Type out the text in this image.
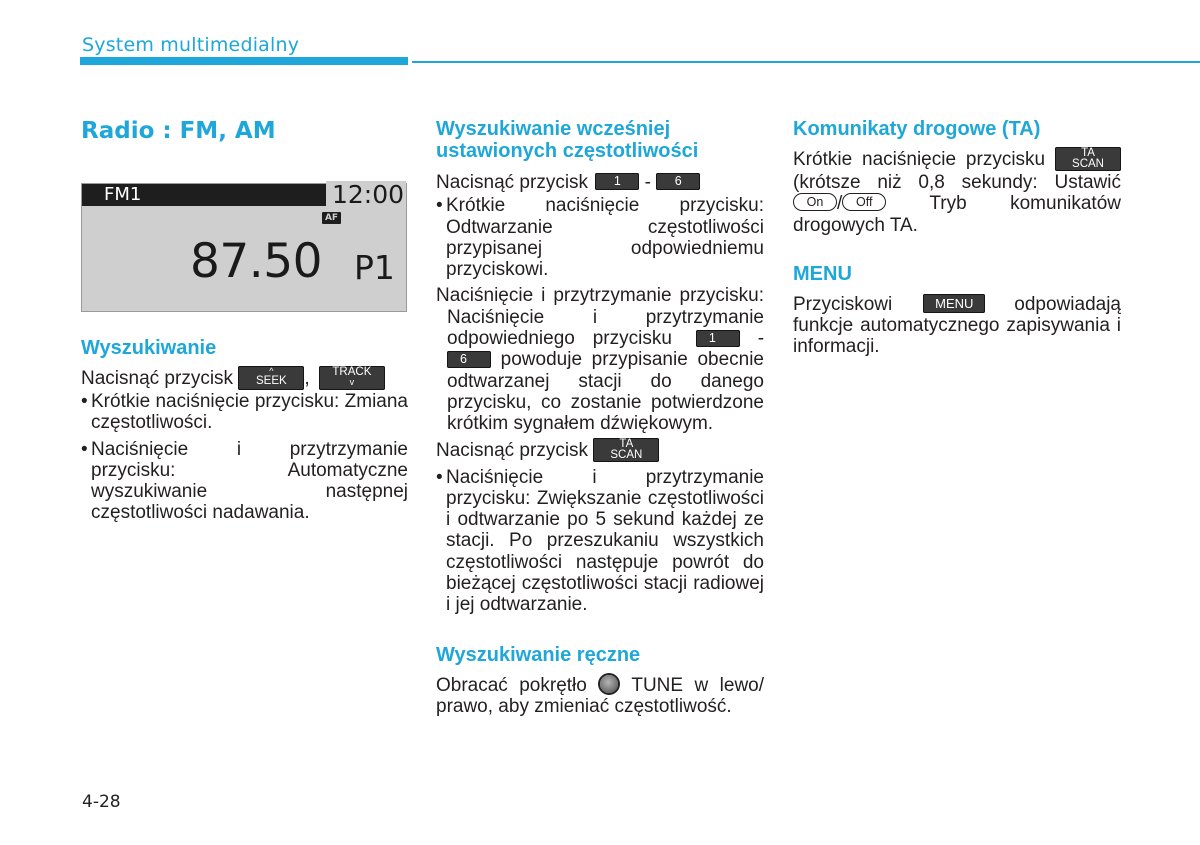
System multimedialny
Radio : FM, AM
FM1	12:00
AF
87.50 P1
Wyszukiwanie

Nacisnąć przycisk	^
SEEK , TRACK
v

• Krótkie naciśnięcie przycisku: Zmiana częstotliwości.
• Naciśnięcie i przytrzymanie przycisku: Automatyczne wyszukiwanie następnej częstotliwości nadawania.
Wyszukiwanie wcześniej ustawionych częstotliwości

Nacisnąć przycisk 1 - 6

• Krótkie naciśnięcie przycisku: Odtwarzanie częstotliwości przypisanej odpowiedniemu przyciskowi.

Naciśnięcie i przytrzymanie przycisku: Naciśnięcie i przytrzymanie odpowiedniego przycisku	1 - 6 powoduje przypisanie obecnie odtwarzanej stacji do danego przycisku, co zostanie potwierdzone krótkim sygnałem dźwiękowym.

Nacisnąć przycisk	TA
SCAN

• Naciśnięcie i przytrzymanie przycisku: Zwiększanie częstotliwości i odtwarzanie po 5 sekund każdej ze stacji. Po przeszukaniu wszystkich częstotliwości następuje powrót do bieżącej częstotliwości stacji radiowej i jej odtwarzanie.
Wyszukiwanie ręczne

Obracać pokrętło TUNE w lewo/ prawo, aby zmieniać częstotliwość.

Komunikaty drogowe (TA)

Krótkie naciśnięcie przycisku	TA
SCAN (krótsze niż 0,8 sekundy: Ustawić On / Off	Tryb komunikatów drogowych TA.

MENU

Przyciskowi	MENU odpowiadają funkcje automatycznego zapisywania i informacji.

4-28
